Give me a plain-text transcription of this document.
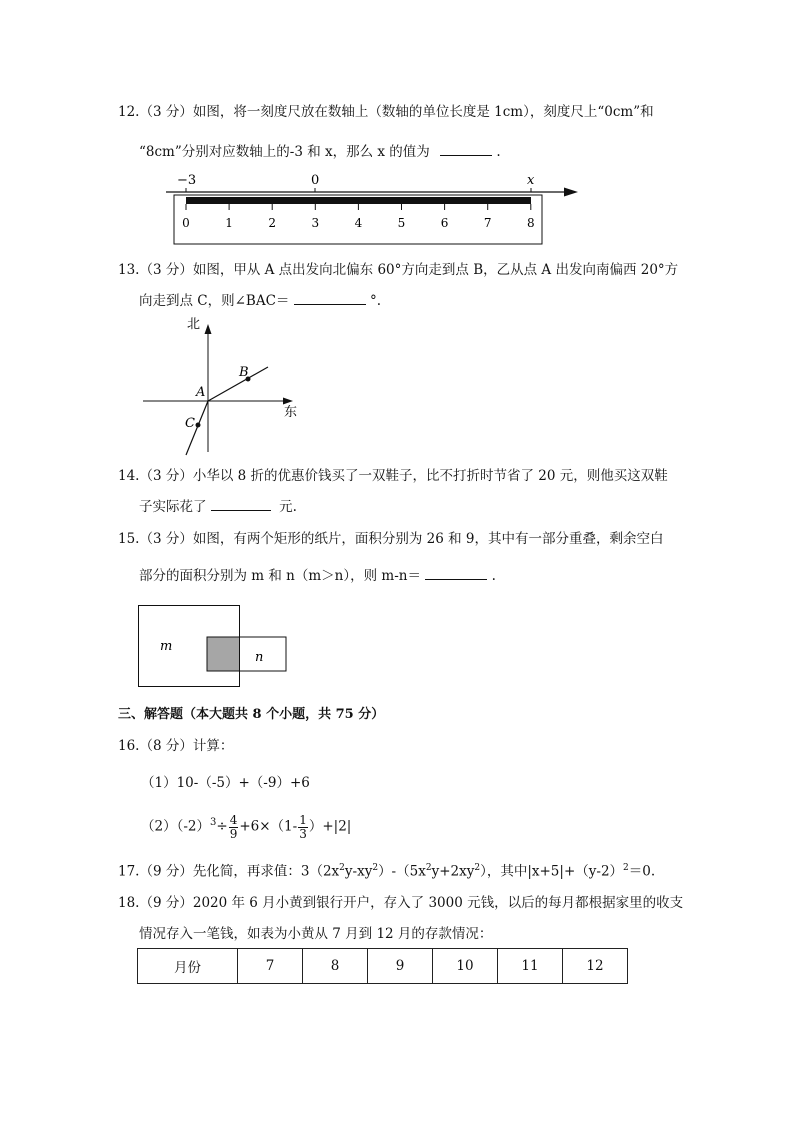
12.（3 分）如图，将一刻度尺放在数轴上（数轴的单位长度是 1cm），刻度尺上“0cm”和
“8cm”分别对应数轴上的-3 和 x，那么 x 的值为	.
−3	0	x
0	1	2	3	4	5	6	7	8
13.（3 分）如图，甲从 A 点出发向北偏东 60°方向走到点 B，乙从点 A 出发向南偏西 20°方
向走到点 C，则∠BAC＝	°.
北
东
A
B
C
14.（3 分）小华以 8 折的优惠价钱买了一双鞋子，比不打折时节省了 20 元，则他买这双鞋
子实际花了	元.
15.（3 分）如图，有两个矩形的纸片，面积分别为 26 和 9，其中有一部分重叠，剩余空白
部分的面积分别为 m 和 n（m＞n），则 m-n＝	.
m
n
三、解答题（本大题共 8 个小题，共 75 分）
16.（8 分）计算：
（1）10-（-5）+（-9）+6
$(2)(-2)^3\div \frac{4}{9} +6\times(1- \frac{1}{3} )+|2|$
17.（9 分）先化简，再求值：$3(2x^2y-xy^2)-(5x^2y+2xy^2)$，其中$|x+5|+(y-2)^2=0$.
18.（9 分）2020 年 6 月小黄到银行开户，存入了 3000 元钱，以后的每月都根据家里的收支
情况存入一笔钱，如表为小黄从 7 月到 12 月的存款情况：
月份	7	8	9	10	11	12
